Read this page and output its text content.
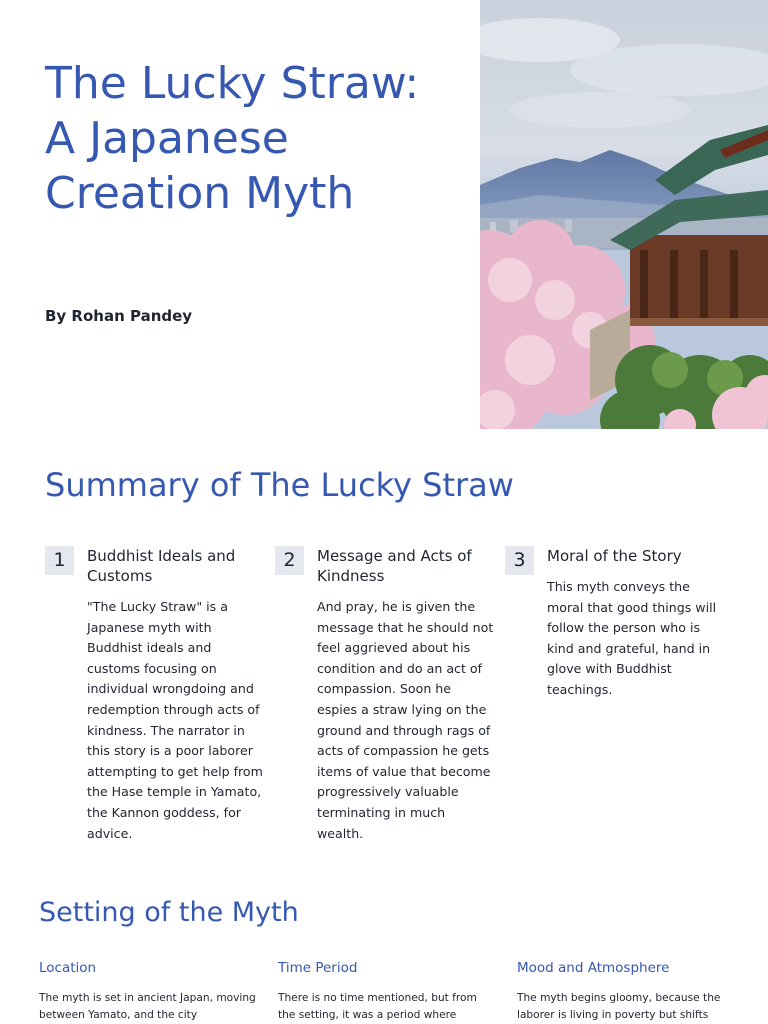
The Lucky Straw:
A Japanese
Creation Myth

By Rohan Pandey

Summary of The Lucky Straw
1	Buddhist Ideals and Customs

"The Lucky Straw" is a Japanese myth with Buddhist ideals and customs focusing on individual wrongdoing and redemption through acts of kindness. The narrator in this story is a poor laborer attempting to get help from the Hase temple in Yamato, the Kannon goddess, for advice.

2	Message and Acts of Kindness

And pray, he is given the message that he should not feel aggrieved about his condition and do an act of compassion. Soon he espies a straw lying on the ground and through rags of acts of compassion he gets items of value that become progressively valuable terminating in much wealth.

3	Moral of the Story

This myth conveys the moral that good things will follow the person who is kind and grateful, hand in glove with Buddhist teachings.

Setting of the Myth
Location

The myth is set in ancient Japan, moving between Yamato, and the city

Time Period

There is no time mentioned, but from the setting, it was a period where

Mood and Atmosphere

The myth begins gloomy, because the laborer is living in poverty but shifts
